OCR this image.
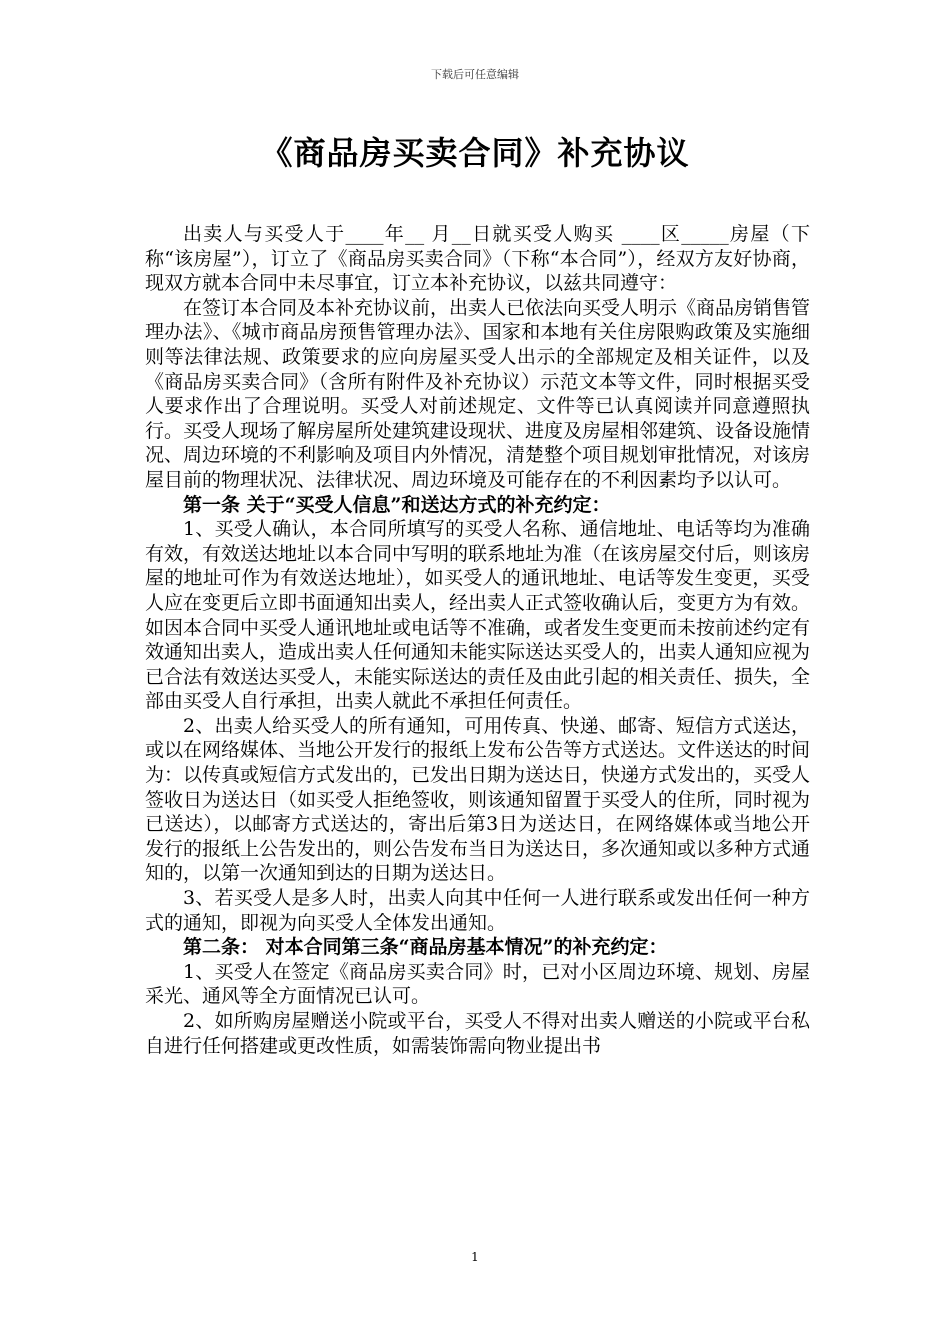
下载后可任意编辑
《商品房买卖合同》补充协议

出卖人与买受人于____年__ 月__日就买受人购买 ____区_____房屋（下称“该房屋”），订立了《商品房买卖合同》（下称“本合同”），经双方友好协商，现双方就本合同中未尽事宜，订立本补充协议，以兹共同遵守：

在签订本合同及本补充协议前，出卖人已依法向买受人明示《商品房销售管理办法》、《城市商品房预售管理办法》、国家和本地有关住房限购政策及实施细则等法律法规、政策要求的应向房屋买受人出示的全部规定及相关证件，以及《商品房买卖合同》（含所有附件及补充协议）示范文本等文件，同时根据买受人要求作出了合理说明。买受人对前述规定、文件等已认真阅读并同意遵照执行。买受人现场了解房屋所处建筑建设现状、进度及房屋相邻建筑、设备设施情况、周边环境的不利影响及项目内外情况，清楚整个项目规划审批情况，对该房屋目前的物理状况、法律状况、周边环境及可能存在的不利因素均予以认可。

第一条 关于“买受人信息”和送达方式的补充约定：

1、买受人确认，本合同所填写的买受人名称、通信地址、电话等均为准确有效，有效送达地址以本合同中写明的联系地址为准（在该房屋交付后，则该房屋的地址可作为有效送达地址），如买受人的通讯地址、电话等发生变更，买受人应在变更后立即书面通知出卖人，经出卖人正式签收确认后，变更方为有效。如因本合同中买受人通讯地址或电话等不准确，或者发生变更而未按前述约定有效通知出卖人，造成出卖人任何通知未能实际送达买受人的，出卖人通知应视为已合法有效送达买受人，未能实际送达的责任及由此引起的相关责任、损失，全部由买受人自行承担，出卖人就此不承担任何责任。

2、出卖人给买受人的所有通知，可用传真、快递、邮寄、短信方式送达，或以在网络媒体、当地公开发行的报纸上发布公告等方式送达。文件送达的时间为：以传真或短信方式发出的，已发出日期为送达日，快递方式发出的，买受人签收日为送达日（如买受人拒绝签收，则该通知留置于买受人的住所，同时视为已送达），以邮寄方式送达的，寄出后第3日为送达日，在网络媒体或当地公开发行的报纸上公告发出的，则公告发布当日为送达日，多次通知或以多种方式通知的，以第一次通知到达的日期为送达日。

3、若买受人是多人时，出卖人向其中任何一人进行联系或发出任何一种方式的通知，即视为向买受人全体发出通知。

第二条： 对本合同第三条“商品房基本情况”的补充约定：

1、买受人在签定《商品房买卖合同》时，已对小区周边环境、规划、房屋采光、通风等全方面情况已认可。

2、如所购房屋赠送小院或平台，买受人不得对出卖人赠送的小院或平台私自进行任何搭建或更改性质，如需装饰需向物业提出书

1
